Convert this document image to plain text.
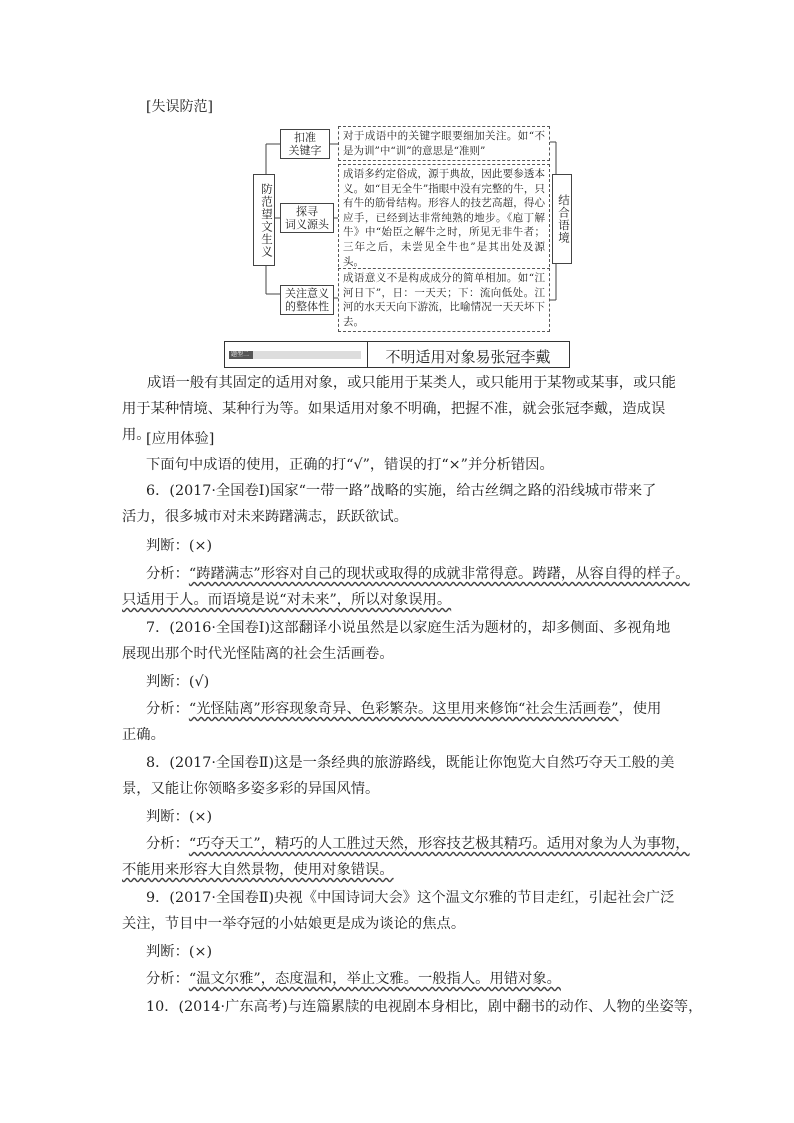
[失误防范]
防范望文生义
扣准
关键字
探寻
词义源头
关注意义
的整体性
对于成语中的关键字眼要细加关注。如“不是为训”中“训”的意思是“准则”
成语多约定俗成，源于典故，因此要参透本义。如“目无全牛”指眼中没有完整的牛，只有牛的筋骨结构。形容人的技艺高超，得心应手，已经到达非常纯熟的地步。《庖丁解牛》中“始臣之解牛之时，所见无非牛者；三年之后，未尝见全牛也”是其出处及源头。
成语意义不是构成成分的简单相加。如“江河日下”，日：一天天；下：流向低处。江河的水天天向下游流，比喻情况一天天坏下去。
结合语境
题型二	不明适用对象易张冠李戴
成语一般有其固定的适用对象，或只能用于某类人，或只能用于某物或某事，或只能用于某种情境、某种行为等。如果适用对象不明确，把握不准，就会张冠李戴，造成误用。
[应用体验]
下面句中成语的使用，正确的打“√”，错误的打“×”并分析错因。
6．(2017·全国卷Ⅰ)国家“一带一路”战略的实施，给古丝绸之路的沿线城市带来了
活力，很多城市对未来踌躇满志，跃跃欲试。
判断：(×)
分析：“踌躇满志”形容对自己的现状或取得的成就非常得意。踌躇，从容自得的样子。
只适用于人。而语境是说“对未来”，所以对象误用。
7．(2016·全国卷Ⅰ)这部翻译小说虽然是以家庭生活为题材的，却多侧面、多视角地
展现出那个时代光怪陆离的社会生活画卷。
判断：(√)
分析：“光怪陆离”形容现象奇异、色彩繁杂。这里用来修饰“社会生活画卷”，使用
正确。
8．(2017·全国卷Ⅱ)这是一条经典的旅游路线，既能让你饱览大自然巧夺天工般的美
景，又能让你领略多姿多彩的异国风情。
判断：(×)
分析：“巧夺天工”，精巧的人工胜过天然，形容技艺极其精巧。适用对象为人为事物，
不能用来形容大自然景物，使用对象错误。
9．(2017·全国卷Ⅱ)央视《中国诗词大会》这个温文尔雅的节目走红，引起社会广泛
关注，节目中一举夺冠的小姑娘更是成为谈论的焦点。
判断：(×)
分析：“温文尔雅”，态度温和，举止文雅。一般指人。用错对象。
10．(2014·广东高考)与连篇累牍的电视剧本身相比，剧中翻书的动作、人物的坐姿等，
